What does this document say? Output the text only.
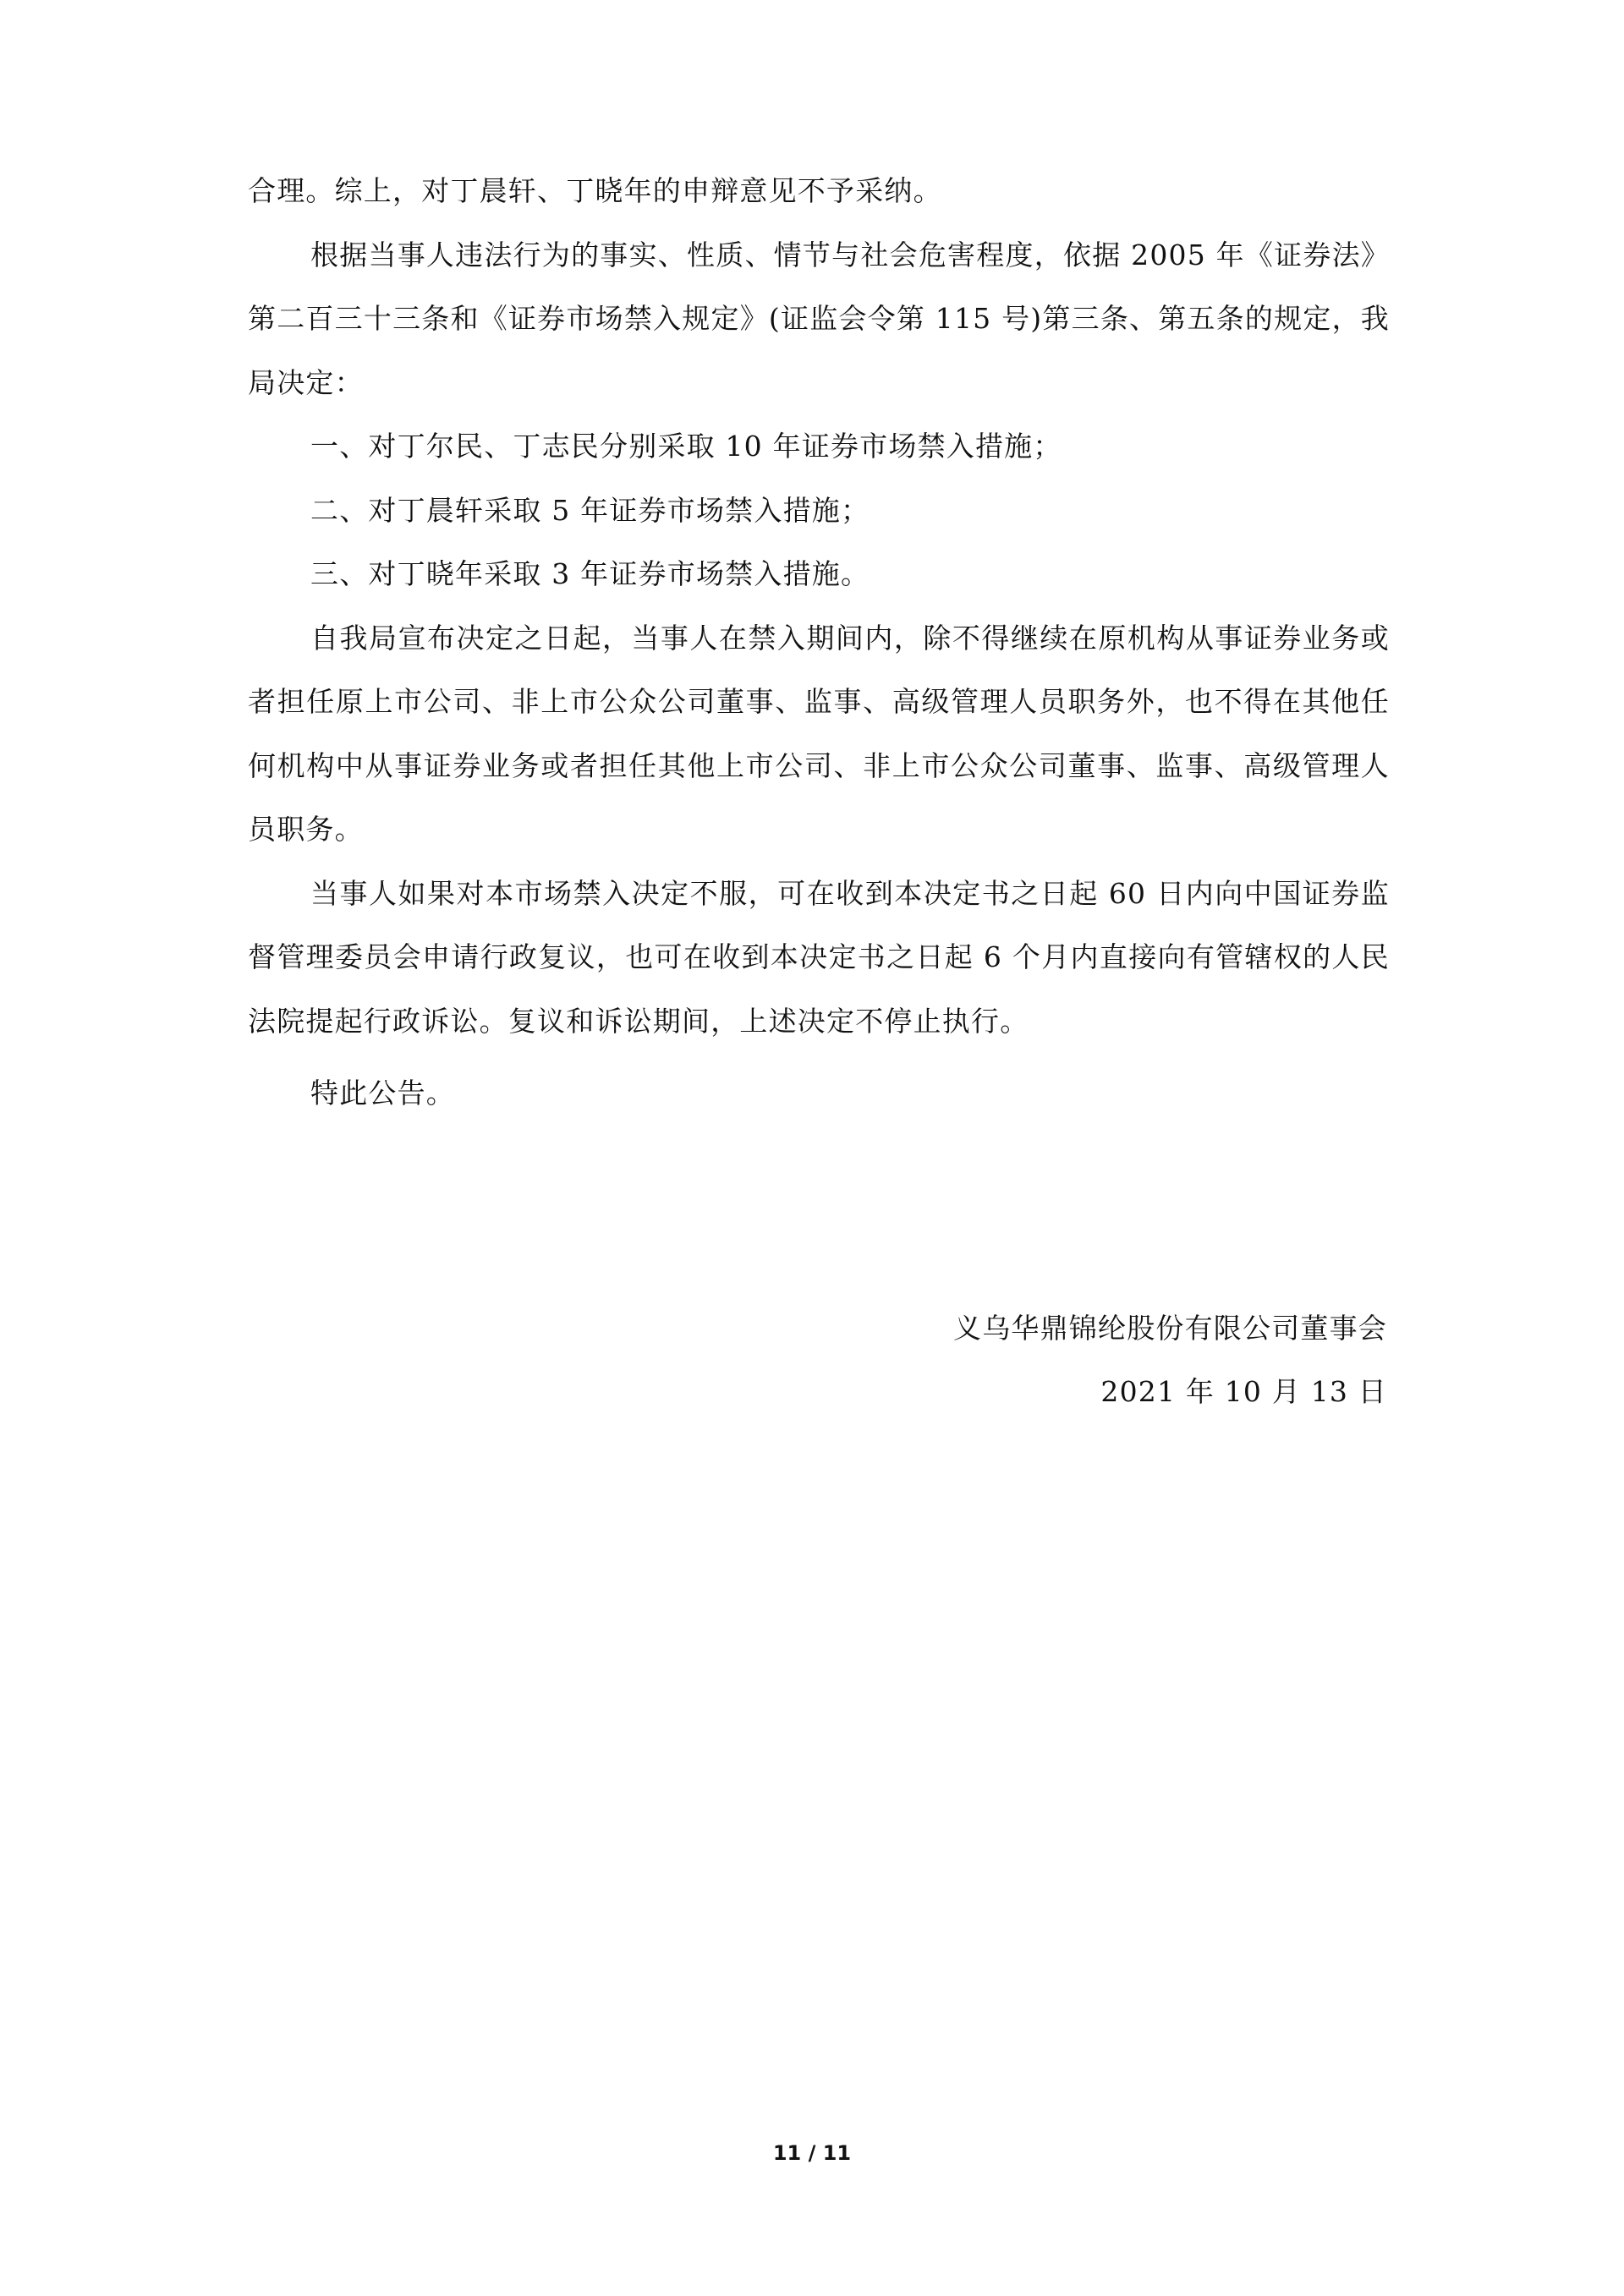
合理。综上，对丁晨轩、丁晓年的申辩意见不予采纳。

根据当事人违法行为的事实、性质、情节与社会危害程度，依据 2005 年《证券法》第二百三十三条和《证券市场禁入规定》(证监会令第 115 号)第三条、第五条的规定，我局决定：

一、对丁尔民、丁志民分别采取 10 年证券市场禁入措施；

二、对丁晨轩采取 5 年证券市场禁入措施；

三、对丁晓年采取 3 年证券市场禁入措施。

自我局宣布决定之日起，当事人在禁入期间内，除不得继续在原机构从事证券业务或者担任原上市公司、非上市公众公司董事、监事、高级管理人员职务外，也不得在其他任何机构中从事证券业务或者担任其他上市公司、非上市公众公司董事、监事、高级管理人员职务。

当事人如果对本市场禁入决定不服，可在收到本决定书之日起 60 日内向中国证券监督管理委员会申请行政复议，也可在收到本决定书之日起 6 个月内直接向有管辖权的人民法院提起行政诉讼。复议和诉讼期间，上述决定不停止执行。

特此公告。

义乌华鼎锦纶股份有限公司董事会
2021 年 10 月 13 日
11 / 11
